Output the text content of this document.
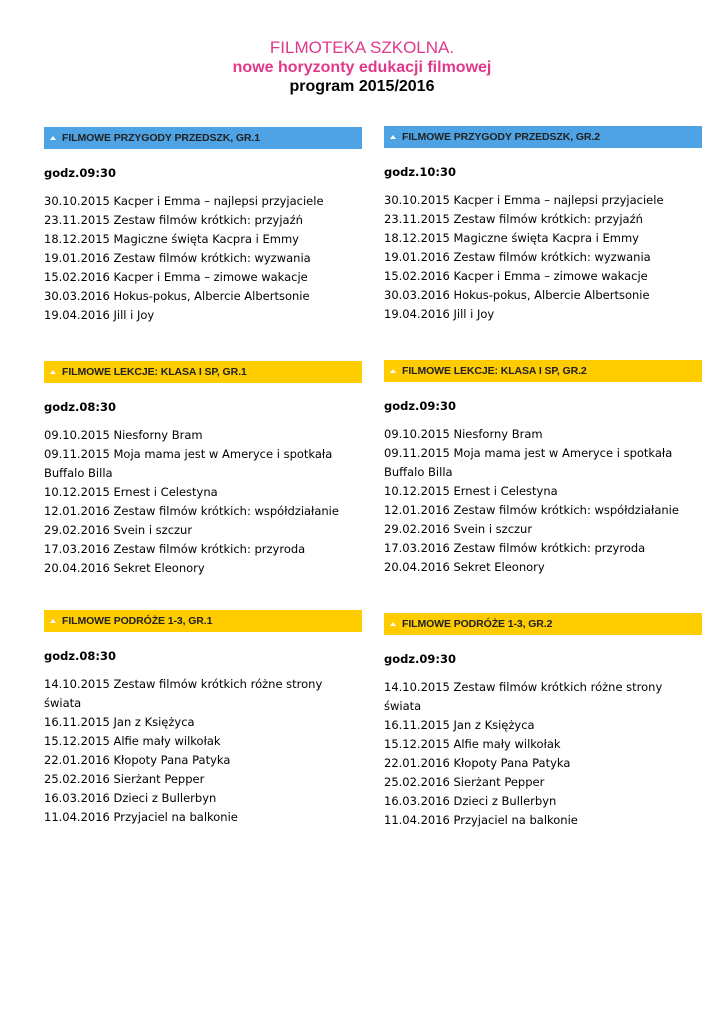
FILMOTEKA SZKOLNA.
nowe horyzonty edukacji filmowej
program 2015/2016
FILMOWE PRZYGODY PRZEDSZK, GR.1
godz.09:30
30.10.2015 Kacper i Emma – najlepsi przyjaciele
23.11.2015 Zestaw filmów krótkich: przyjaźń
18.12.2015 Magiczne święta Kacpra i Emmy
19.01.2016 Zestaw filmów krótkich: wyzwania
15.02.2016 Kacper i Emma – zimowe wakacje
30.03.2016 Hokus-pokus, Albercie Albertsonie
19.04.2016 Jill i Joy
FILMOWE PRZYGODY PRZEDSZK, GR.2
godz.10:30
30.10.2015 Kacper i Emma – najlepsi przyjaciele
23.11.2015 Zestaw filmów krótkich: przyjaźń
18.12.2015 Magiczne święta Kacpra i Emmy
19.01.2016 Zestaw filmów krótkich: wyzwania
15.02.2016 Kacper i Emma – zimowe wakacje
30.03.2016 Hokus-pokus, Albercie Albertsonie
19.04.2016 Jill i Joy
FILMOWE LEKCJE: KLASA I SP, GR.1
godz.08:30
09.10.2015 Niesforny Bram
09.11.2015 Moja mama jest w Ameryce i spotkała
Buffalo Billa
10.12.2015 Ernest i Celestyna
12.01.2016 Zestaw filmów krótkich: współdziałanie
29.02.2016 Svein i szczur
17.03.2016 Zestaw filmów krótkich: przyroda
20.04.2016 Sekret Eleonory
FILMOWE LEKCJE: KLASA I SP, GR.2
godz.09:30
09.10.2015 Niesforny Bram
09.11.2015 Moja mama jest w Ameryce i spotkała
Buffalo Billa
10.12.2015 Ernest i Celestyna
12.01.2016 Zestaw filmów krótkich: współdziałanie
29.02.2016 Svein i szczur
17.03.2016 Zestaw filmów krótkich: przyroda
20.04.2016 Sekret Eleonory
FILMOWE PODRÓŻE 1-3, GR.1
godz.08:30
14.10.2015 Zestaw filmów krótkich różne strony
świata
16.11.2015 Jan z Księżyca
15.12.2015 Alfie mały wilkołak
22.01.2016 Kłopoty Pana Patyka
25.02.2016 Sierżant Pepper
16.03.2016 Dzieci z Bullerbyn
11.04.2016 Przyjaciel na balkonie
FILMOWE PODRÓŻE 1-3, GR.2
godz.09:30
14.10.2015 Zestaw filmów krótkich różne strony
świata
16.11.2015 Jan z Księżyca
15.12.2015 Alfie mały wilkołak
22.01.2016 Kłopoty Pana Patyka
25.02.2016 Sierżant Pepper
16.03.2016 Dzieci z Bullerbyn
11.04.2016 Przyjaciel na balkonie
